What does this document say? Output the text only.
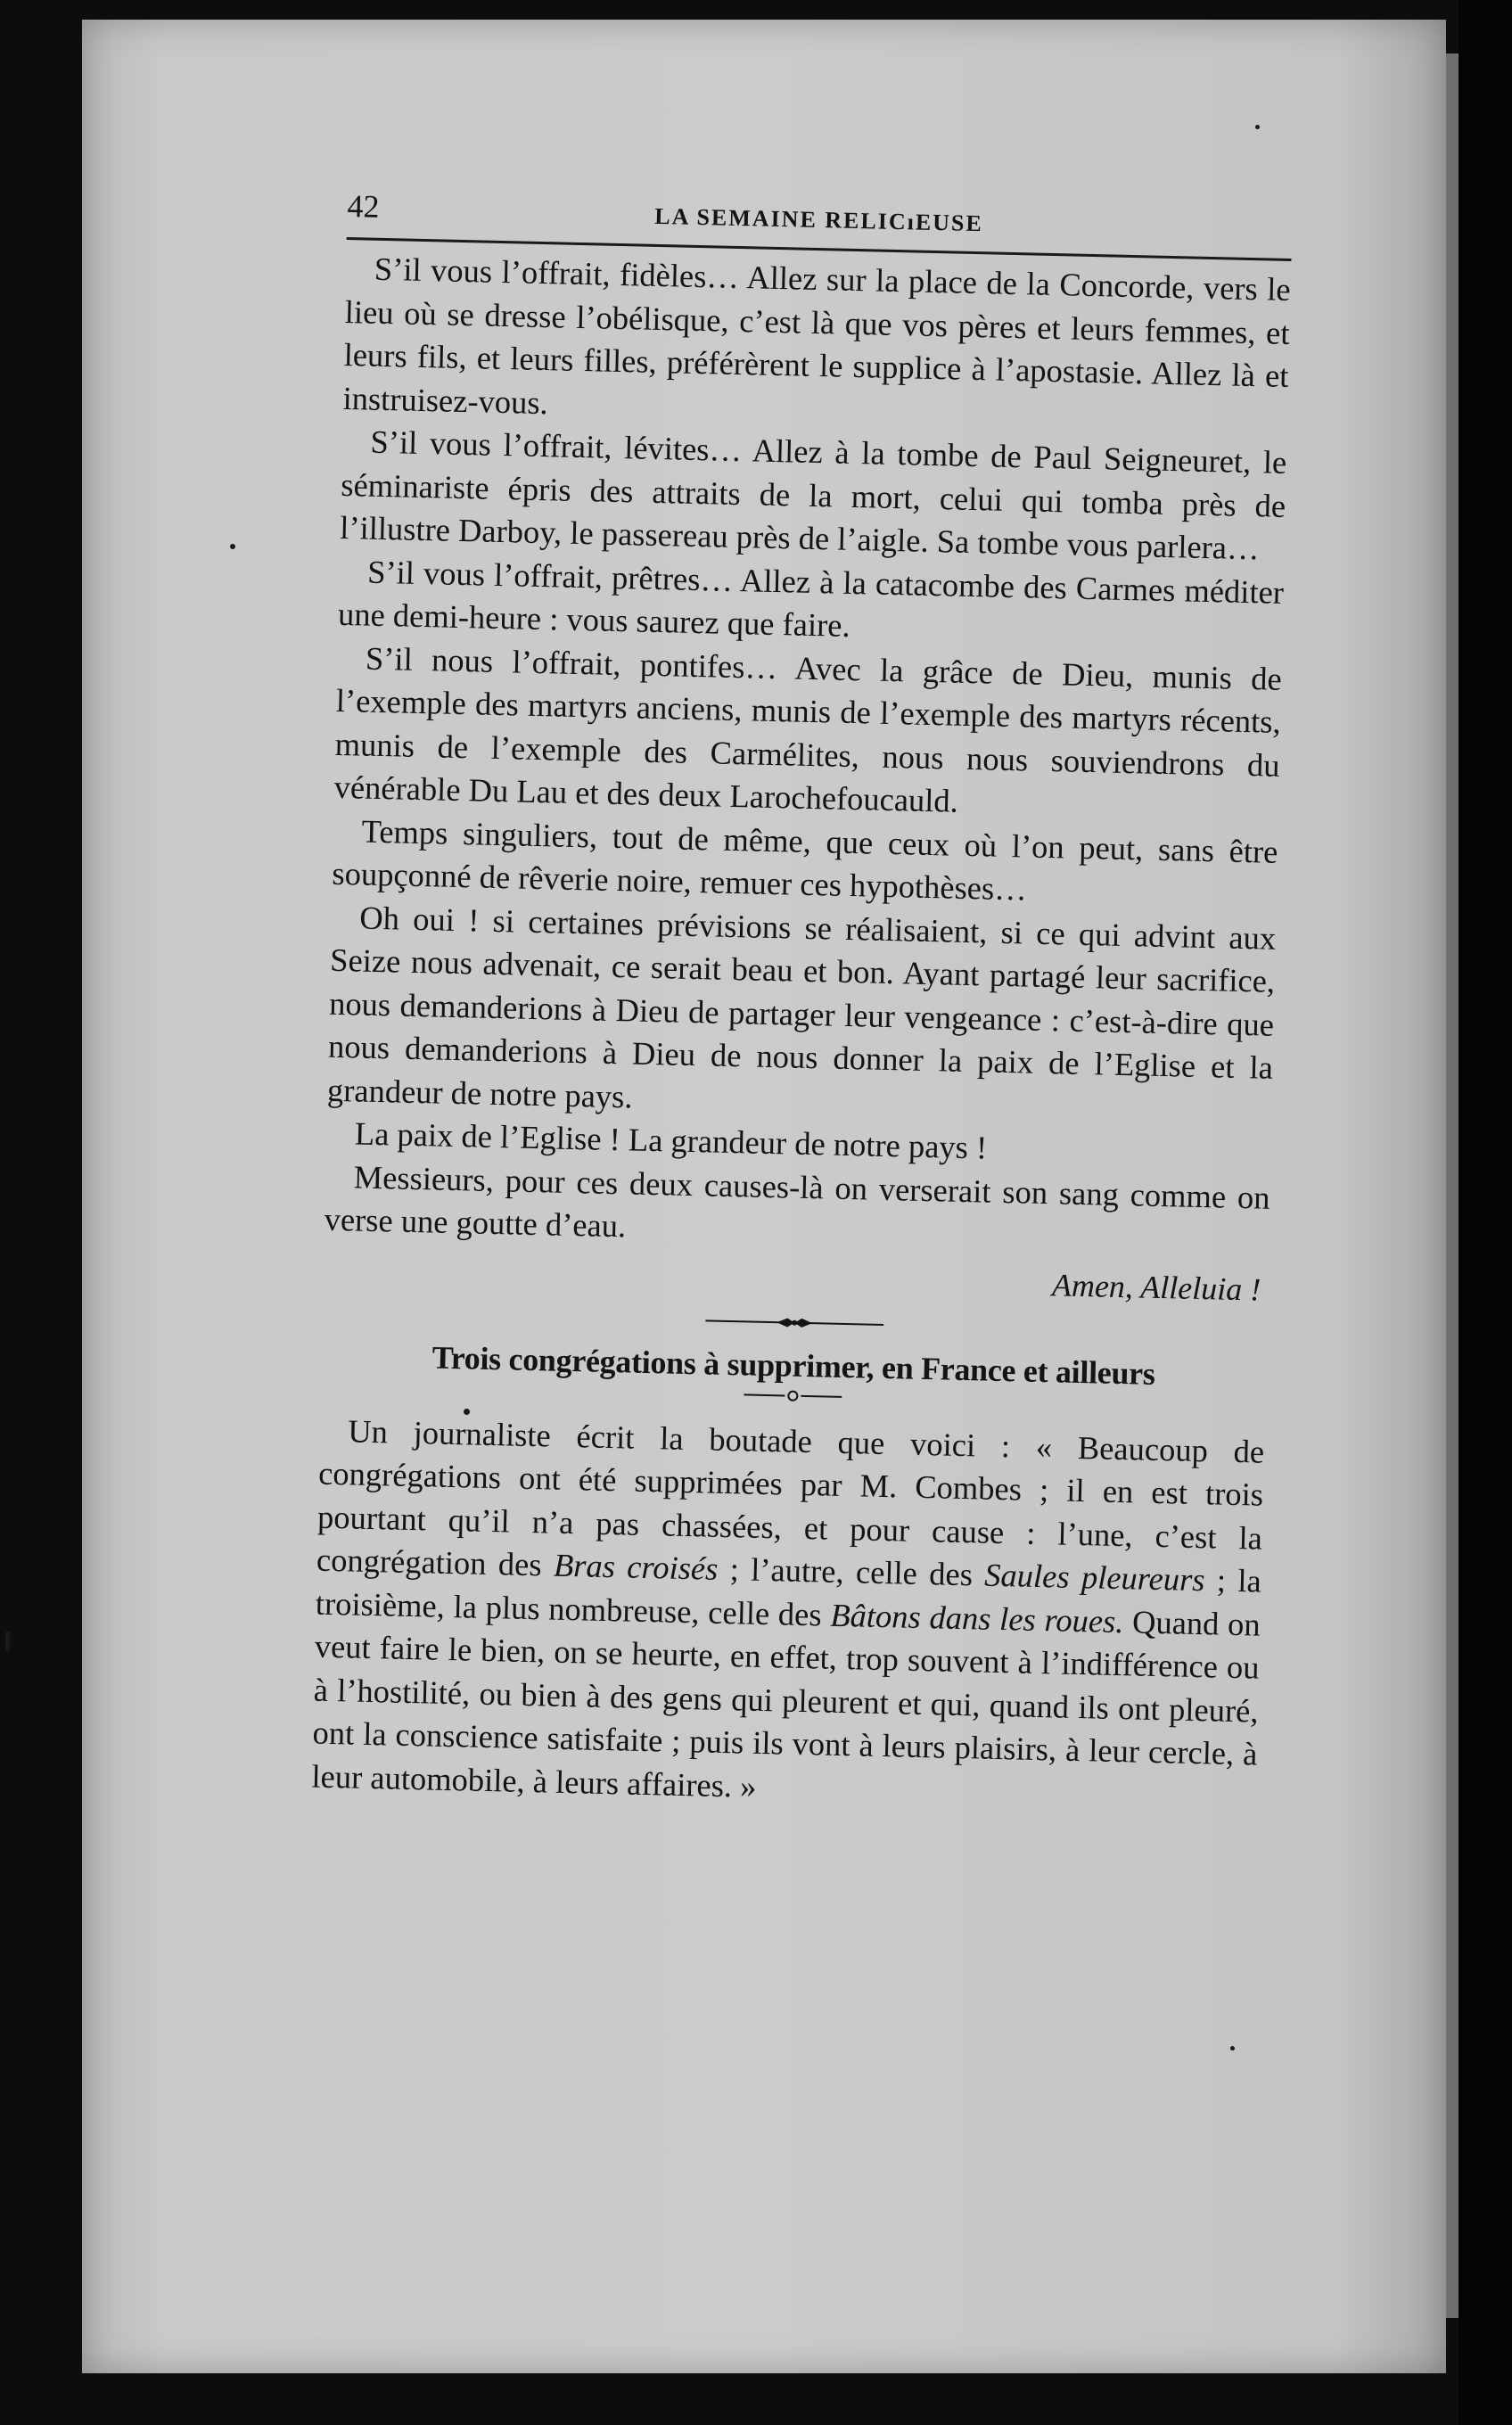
42	LA SEMAINE RELICıEUSE

S’il vous l’offrait, fidèles… Allez sur la place de la Concorde, vers le lieu où se dresse l’obélisque, c’est là que vos pères et leurs femmes, et leurs fils, et leurs filles, préférèrent le supplice à l’apostasie. Allez là et instruisez-vous.

S’il vous l’offrait, lévites… Allez à la tombe de Paul Seigneuret, le séminariste épris des attraits de la mort, celui qui tomba près de l’illustre Darboy, le passereau près de l’aigle. Sa tombe vous parlera…

S’il vous l’offrait, prêtres… Allez à la catacombe des Carmes méditer une demi-heure : vous saurez que faire.

S’il nous l’offrait, pontifes… Avec la grâce de Dieu, munis de l’exemple des martyrs anciens, munis de l’exemple des martyrs récents, munis de l’exemple des Carmélites, nous nous souviendrons du vénérable Du Lau et des deux Larochefoucauld.

Temps singuliers, tout de même, que ceux où l’on peut, sans être soupçonné de rêverie noire, remuer ces hypothèses…

Oh oui ! si certaines prévisions se réalisaient, si ce qui advint aux Seize nous advenait, ce serait beau et bon. Ayant partagé leur sacrifice, nous demanderions à Dieu de partager leur vengeance : c’est-à-dire que nous demanderions à Dieu de nous donner la paix de l’Eglise et la grandeur de notre pays.

La paix de l’Eglise ! La grandeur de notre pays !

Messieurs, pour ces deux causes-là on verserait son sang comme on verse une goutte d’eau.

Amen, Alleluia !

Trois congrégations à supprimer, en France et ailleurs

Un journaliste écrit la boutade que voici : « Beaucoup de congrégations ont été supprimées par M. Combes ; il en est trois pourtant qu’il n’a pas chassées, et pour cause : l’une, c’est la congrégation des Bras croisés ; l’autre, celle des Saules pleureurs ; la troisième, la plus nombreuse, celle des Bâtons dans les roues. Quand on veut faire le bien, on se heurte, en effet, trop souvent à l’indifférence ou à l’hostilité, ou bien à des gens qui pleurent et qui, quand ils ont pleuré, ont la conscience satisfaite ; puis ils vont à leurs plaisirs, à leur cercle, à leur automobile, à leurs affaires. »
